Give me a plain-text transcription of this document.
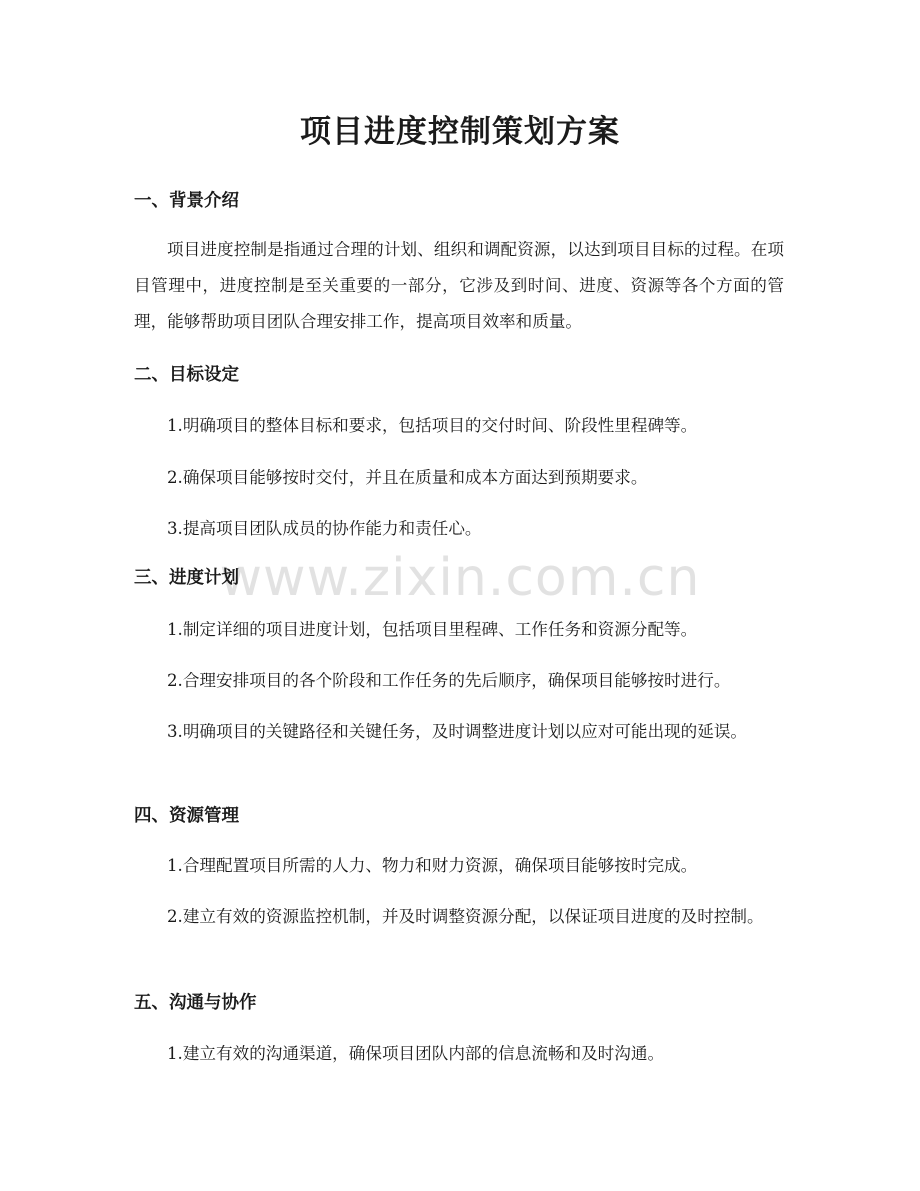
项目进度控制策划方案
www.zixin.com.cn
一、背景介绍

项目进度控制是指通过合理的计划、组织和调配资源，以达到项目目标的过程。在项目管理中，进度控制是至关重要的一部分，它涉及到时间、进度、资源等各个方面的管理，能够帮助项目团队合理安排工作，提高项目效率和质量。

二、目标设定

1.明确项目的整体目标和要求，包括项目的交付时间、阶段性里程碑等。

2.确保项目能够按时交付，并且在质量和成本方面达到预期要求。

3.提高项目团队成员的协作能力和责任心。

三、进度计划

1.制定详细的项目进度计划，包括项目里程碑、工作任务和资源分配等。

2.合理安排项目的各个阶段和工作任务的先后顺序，确保项目能够按时进行。

3.明确项目的关键路径和关键任务，及时调整进度计划以应对可能出现的延误。

四、资源管理

1.合理配置项目所需的人力、物力和财力资源，确保项目能够按时完成。

2.建立有效的资源监控机制，并及时调整资源分配，以保证项目进度的及时控制。

五、沟通与协作

1.建立有效的沟通渠道，确保项目团队内部的信息流畅和及时沟通。
